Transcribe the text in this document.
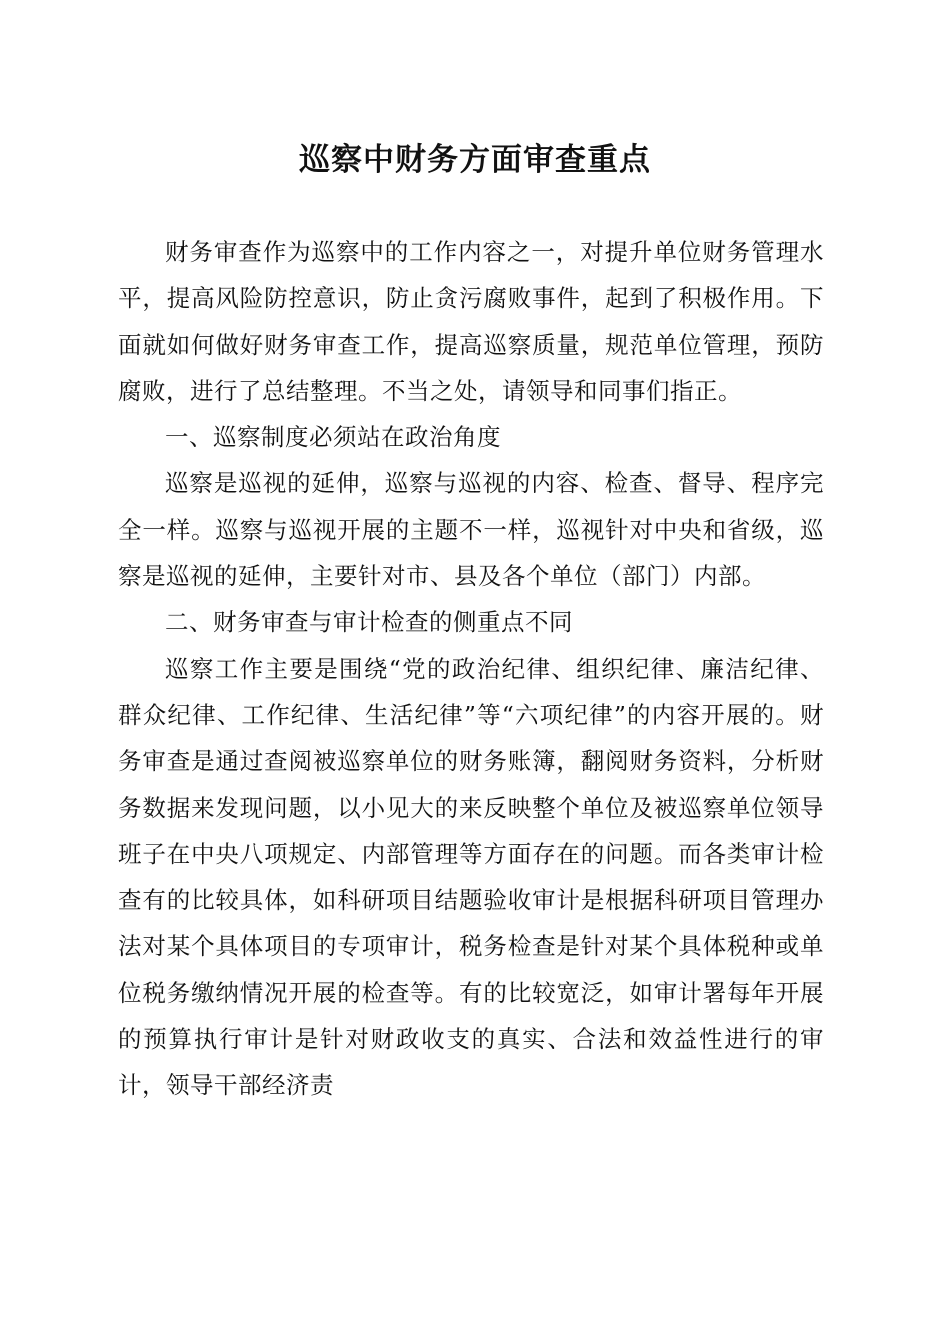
巡察中财务方面审查重点

财务审查作为巡察中的工作内容之一，对提升单位财务管理水平，提高风险防控意识，防止贪污腐败事件，起到了积极作用。下面就如何做好财务审查工作，提高巡察质量，规范单位管理，预防腐败，进行了总结整理。不当之处，请领导和同事们指正。

一、巡察制度必须站在政治角度

巡察是巡视的延伸，巡察与巡视的内容、检查、督导、程序完全一样。巡察与巡视开展的主题不一样，巡视针对中央和省级，巡察是巡视的延伸，主要针对市、县及各个单位（部门）内部。

二、财务审查与审计检查的侧重点不同

巡察工作主要是围绕“党的政治纪律、组织纪律、廉洁纪律、群众纪律、工作纪律、生活纪律”等“六项纪律”的内容开展的。财务审查是通过查阅被巡察单位的财务账簿，翻阅财务资料，分析财务数据来发现问题，以小见大的来反映整个单位及被巡察单位领导班子在中央八项规定、内部管理等方面存在的问题。而各类审计检查有的比较具体，如科研项目结题验收审计是根据科研项目管理办法对某个具体项目的专项审计，税务检查是针对某个具体税种或单位税务缴纳情况开展的检查等。有的比较宽泛，如审计署每年开展的预算执行审计是针对财政收支的真实、合法和效益性进行的审计，领导干部经济责
